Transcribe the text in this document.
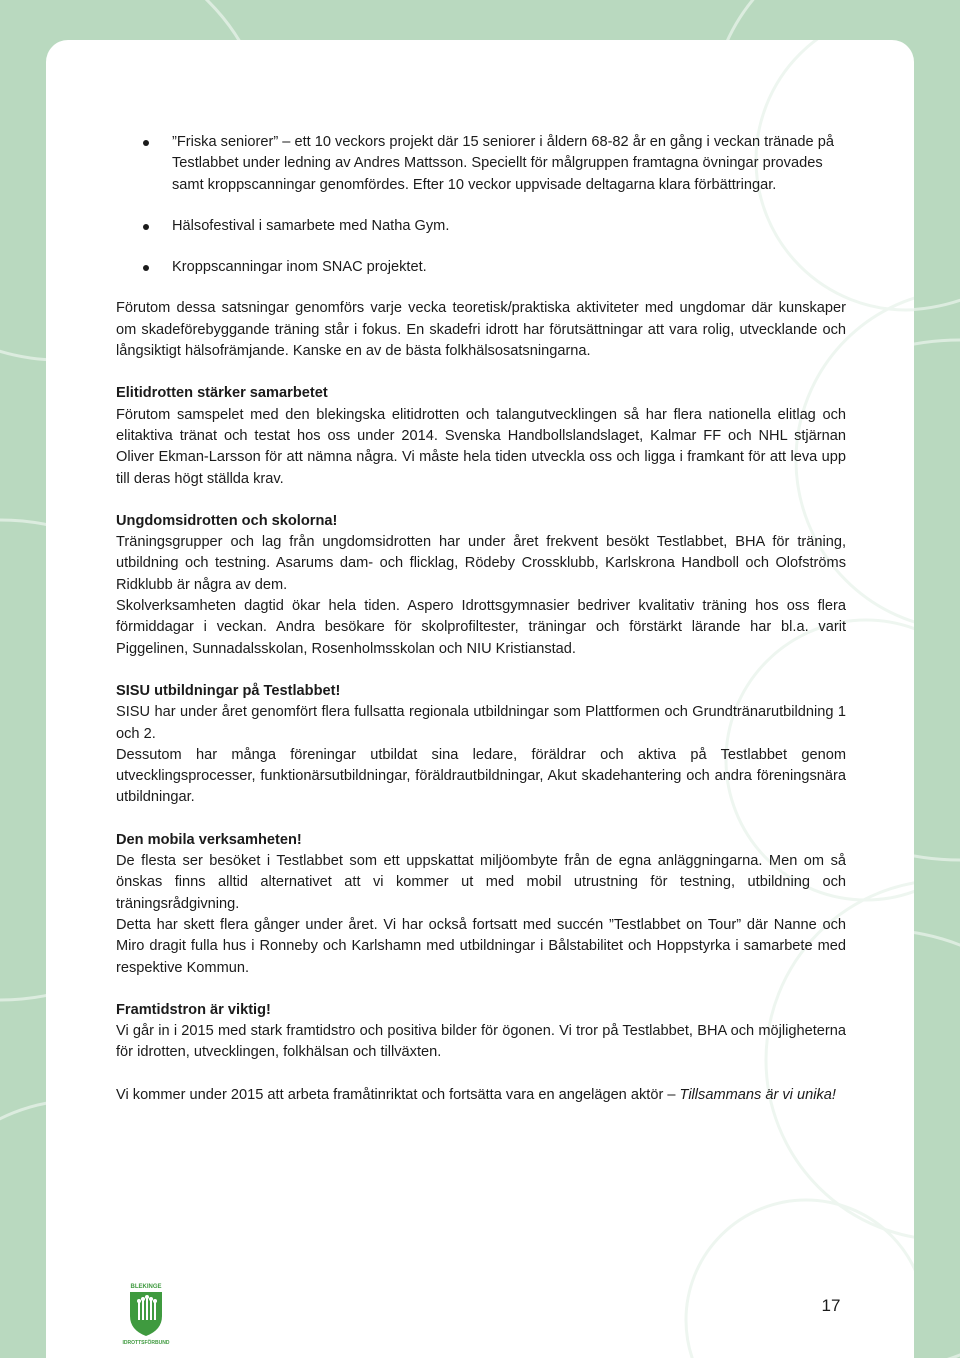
”Friska seniorer” – ett 10 veckors projekt där 15 seniorer i åldern 68-82 år en gång i veckan tränade på Testlabbet under ledning av Andres Mattsson. Speciellt för målgruppen framtagna övningar provades samt kroppscanningar genomfördes. Efter 10 veckor uppvisade deltagarna klara förbättringar.
Hälsofestival i samarbete med Natha Gym.
Kroppscanningar inom SNAC projektet.

Förutom dessa satsningar genomförs varje vecka teoretisk/praktiska aktiviteter med ungdomar där kunskaper om skadeförebyggande träning står i fokus. En skadefri idrott har förutsättningar att vara rolig, utvecklande och långsiktigt hälsofrämjande. Kanske en av de bästa folkhälsosatsningarna.

Elitidrotten stärker samarbetet

Förutom samspelet med den blekingska elitidrotten och talangutvecklingen så har flera nationella elitlag och elitaktiva tränat och testat hos oss under 2014. Svenska Handbollslandslaget, Kalmar FF och NHL stjärnan Oliver Ekman-Larsson för att nämna några. Vi måste hela tiden utveckla oss och ligga i framkant för att leva upp till deras högt ställda krav.

Ungdomsidrotten och skolorna!

Träningsgrupper och lag från ungdomsidrotten har under året frekvent besökt Testlabbet, BHA för träning, utbildning och testning. Asarums dam- och flicklag, Rödeby Crossklubb, Karlskrona Handboll och Olofströms Ridklubb är några av dem.

Skolverksamheten dagtid ökar hela tiden. Aspero Idrottsgymnasier bedriver kvalitativ träning hos oss flera förmiddagar i veckan. Andra besökare för skolprofiltester, träningar och förstärkt lärande har bl.a. varit Piggelinen, Sunnadalsskolan, Rosenholmsskolan och NIU Kristianstad.

SISU utbildningar på Testlabbet!

SISU har under året genomfört flera fullsatta regionala utbildningar som Plattformen och Grundtränarutbildning 1 och 2.

Dessutom har många föreningar utbildat sina ledare, föräldrar och aktiva på Testlabbet genom utvecklingsprocesser, funktionärsutbildningar, föräldrautbildningar, Akut skadehantering och andra föreningsnära utbildningar.

Den mobila verksamheten!

De flesta ser besöket i Testlabbet som ett uppskattat miljöombyte från de egna anläggningarna. Men om så önskas finns alltid alternativet att vi kommer ut med mobil utrustning för testning, utbildning och träningsrådgivning.

Detta har skett flera gånger under året. Vi har också fortsatt med succén ”Testlabbet on Tour” där Nanne och Miro dragit fulla hus i Ronneby och Karlshamn med utbildningar i Bålstabilitet och Hoppstyrka i samarbete med respektive Kommun.

Framtidstron är viktig!

Vi går in i 2015 med stark framtidstro och positiva bilder för ögonen. Vi tror på Testlabbet, BHA och möjligheterna för idrotten, utvecklingen, folkhälsan och tillväxten.

Vi kommer under 2015 att arbeta framåtinriktat och fortsätta vara en angelägen aktör – Tillsammans är vi unika!

BLEKINGE
IDROTTSFÖRBUND
17
